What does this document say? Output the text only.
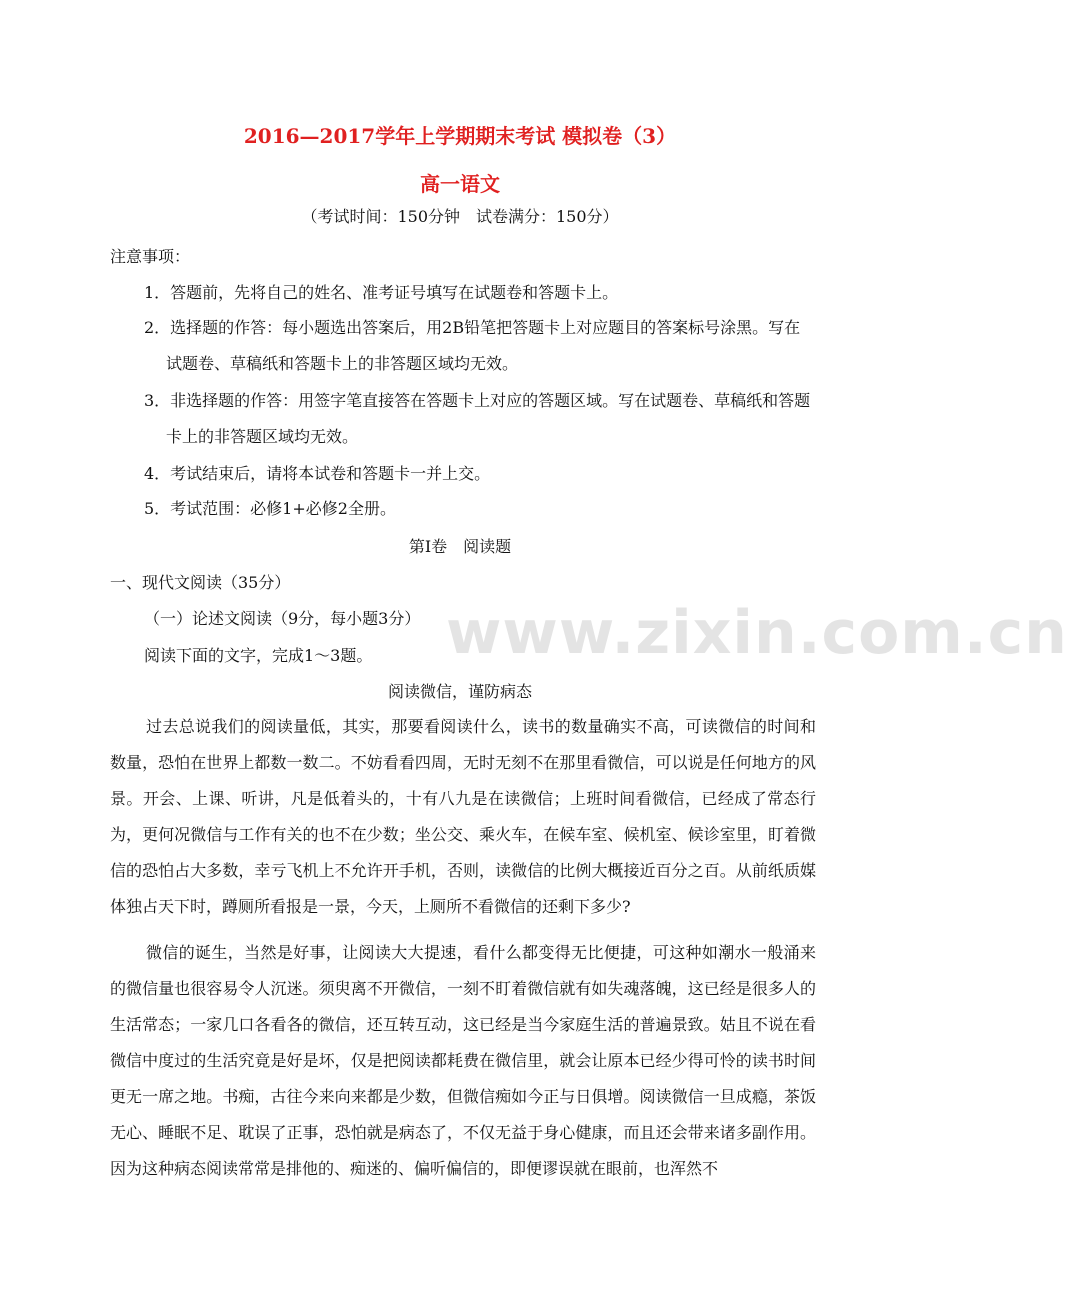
www.zixin.com.cn
2016—2017学年上学期期末考试 模拟卷（3）
高一语文
（考试时间：150分钟　试卷满分：150分）
注意事项：
1．答题前，先将自己的姓名、准考证号填写在试题卷和答题卡上。
2．选择题的作答：每小题选出答案后，用2B铅笔把答题卡上对应题目的答案标号涂黑。写在
试题卷、草稿纸和答题卡上的非答题区域均无效。
3．非选择题的作答：用签字笔直接答在答题卡上对应的答题区域。写在试题卷、草稿纸和答题
卡上的非答题区域均无效。
4．考试结束后，请将本试卷和答题卡一并上交。
5．考试范围：必修1+必修2全册。
第Ⅰ卷　阅读题
一、现代文阅读（35分）
（一）论述文阅读（9分，每小题3分）
阅读下面的文字，完成1～3题。
阅读微信，谨防病态
过去总说我们的阅读量低，其实，那要看阅读什么，读书的数量确实不高，可读微信的时间和数量，恐怕在世界上都数一数二。不妨看看四周，无时无刻不在那里看微信，可以说是任何地方的风景。开会、上课、听讲，凡是低着头的，十有八九是在读微信；上班时间看微信，已经成了常态行为，更何况微信与工作有关的也不在少数；坐公交、乘火车，在候车室、候机室、候诊室里，盯着微信的恐怕占大多数，幸亏飞机上不允许开手机，否则，读微信的比例大概接近百分之百。从前纸质媒体独占天下时，蹲厕所看报是一景，今天，上厕所不看微信的还剩下多少?
微信的诞生，当然是好事，让阅读大大提速，看什么都变得无比便捷，可这种如潮水一般涌来的微信量也很容易令人沉迷。须臾离不开微信，一刻不盯着微信就有如失魂落魄，这已经是很多人的生活常态；一家几口各看各的微信，还互转互动，这已经是当今家庭生活的普遍景致。姑且不说在看微信中度过的生活究竟是好是坏，仅是把阅读都耗费在微信里，就会让原本已经少得可怜的读书时间更无一席之地。书痴，古往今来向来都是少数，但微信痴如今正与日俱增。阅读微信一旦成瘾，茶饭无心、睡眠不足、耽误了正事，恐怕就是病态了，不仅无益于身心健康，而且还会带来诸多副作用。因为这种病态阅读常常是排他的、痴迷的、偏听偏信的，即便谬误就在眼前，也浑然不
